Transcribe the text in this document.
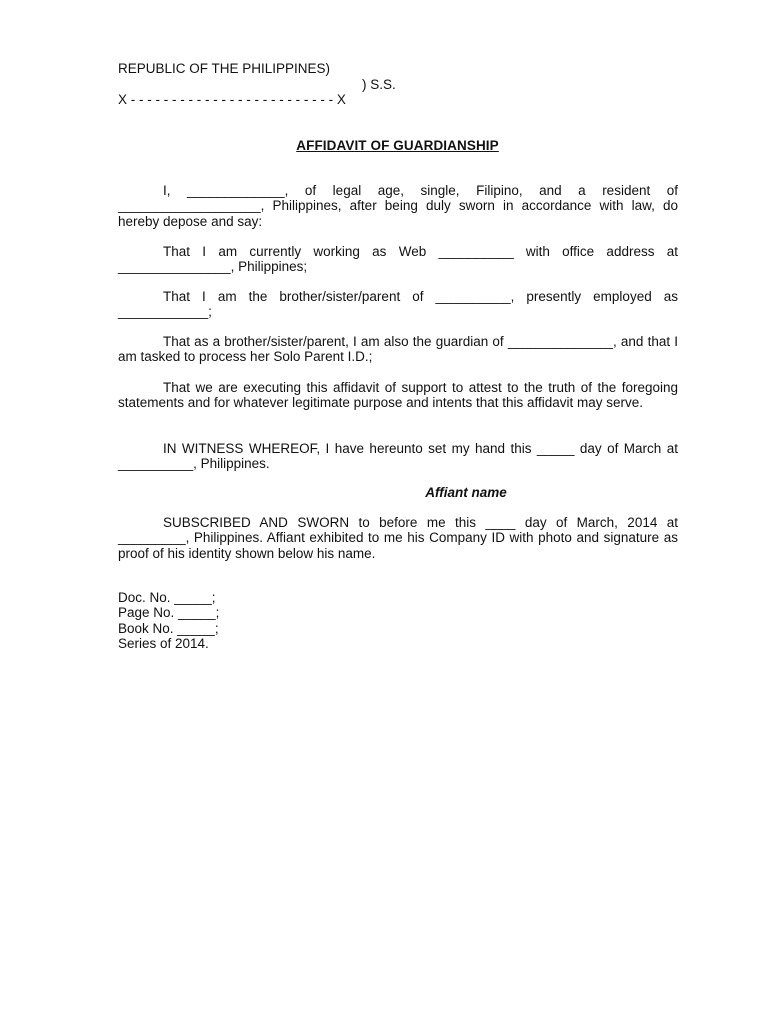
REPUBLIC OF THE PHILIPPINES)
) S.S.
X - - - - - - - - - - - - - - - - - - - - - - - - - X
AFFIDAVIT OF GUARDIANSHIP
I, _____________, of legal age, single, Filipino, and a resident of ___________________, Philippines, after being duly sworn in accordance with law, do hereby depose and say:
That I am currently working as Web __________ with office address at _______________, Philippines;
That I am the brother/sister/parent of __________, presently employed as ____________;
That as a brother/sister/parent, I am also the guardian of ______________, and that I am tasked to process her Solo Parent I.D.;
That we are executing this affidavit of support to attest to the truth of the foregoing statements and for whatever legitimate purpose and intents that this affidavit may serve.
IN WITNESS WHEREOF, I have hereunto set my hand this _____ day of March at __________, Philippines.
Affiant name
SUBSCRIBED AND SWORN to before me this ____ day of March, 2014 at _________, Philippines. Affiant exhibited to me his Company ID with photo and signature as proof of his identity shown below his name.
Doc. No. _____;
Page No. _____;
Book No. _____;
Series of 2014.
